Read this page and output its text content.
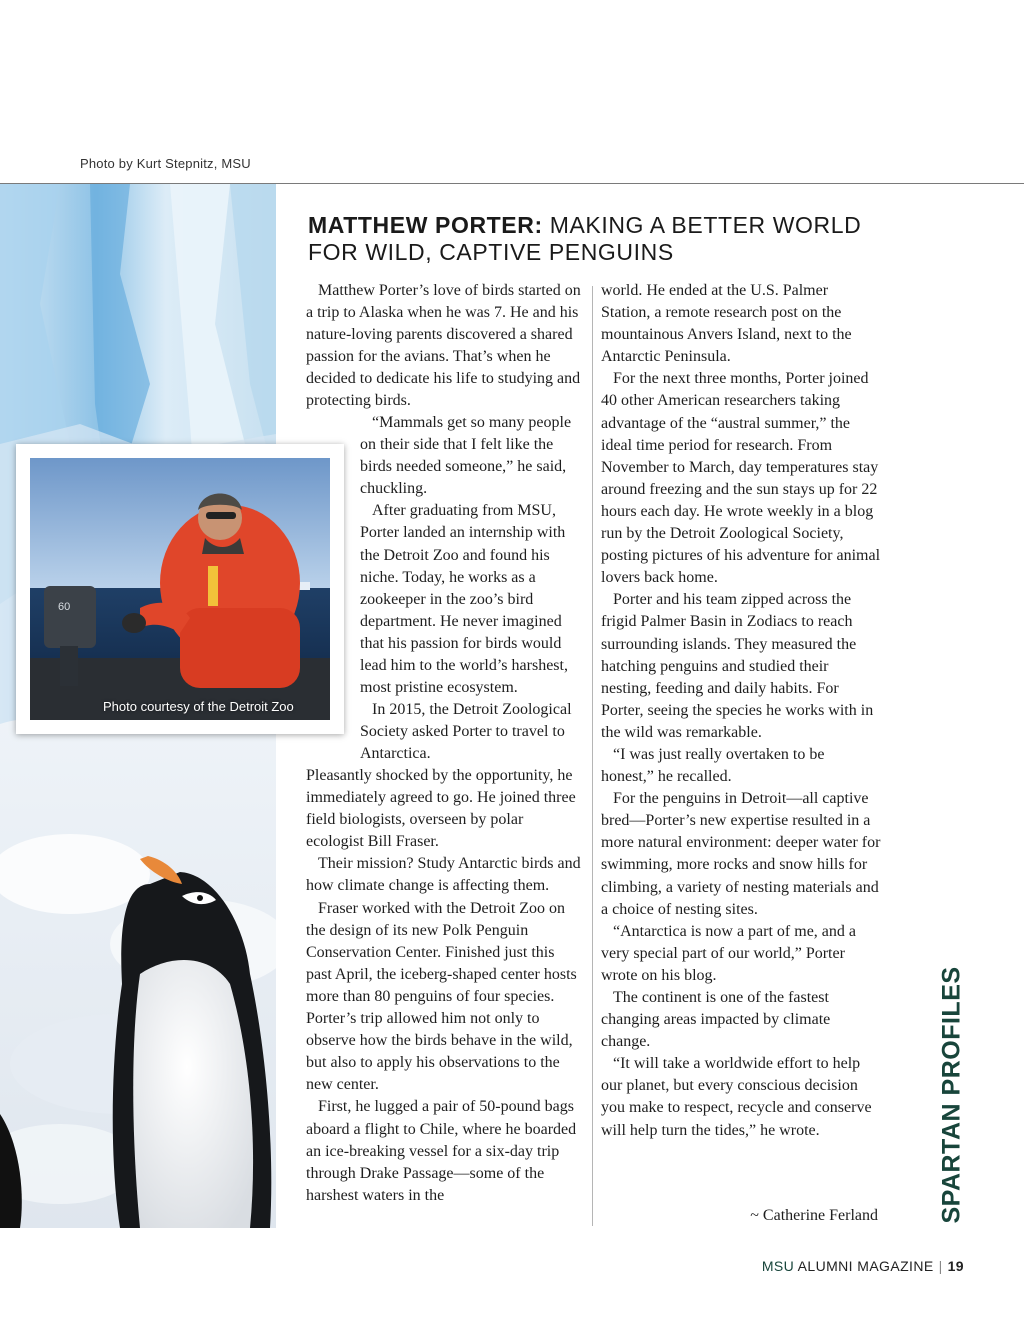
Photo by Kurt Stepnitz, MSU
60
Photo courtesy of the Detroit Zoo
MATTHEW PORTER: MAKING A BETTER WORLD FOR WILD, CAPTIVE PENGUINS

Matthew Porter’s love of birds started on a trip to Alaska when he was 7. He and his nature-loving parents discovered a shared passion for the avians. That’s when he decided to dedicate his life to studying and protecting birds.

“Mammals get so many people on their side that I felt like the birds needed someone,” he said, chuckling.

After graduating from MSU, Porter landed an internship with the Detroit Zoo and found his niche. Today, he works as a zookeeper in the zoo’s bird department. He never imagined that his passion for birds would lead him to the world’s harshest, most pristine ecosystem.

In 2015, the Detroit Zoological Society asked Porter to travel to Antarctica.

Pleasantly shocked by the opportunity, he immediately agreed to go. He joined three field biologists, overseen by polar ecologist Bill Fraser.

Their mission? Study Antarctic birds and how climate change is affecting them.

Fraser worked with the Detroit Zoo on the design of its new Polk Penguin Conservation Center. Finished just this past April, the iceberg-shaped center hosts more than 80 penguins of four species. Porter’s trip allowed him not only to observe how the birds behave in the wild, but also to apply his observations to the new center.

First, he lugged a pair of 50-pound bags aboard a flight to Chile, where he boarded an ice-breaking vessel for a six-day trip through Drake Passage—some of the harshest waters in the

world. He ended at the U.S. Palmer Station, a remote research post on the mountainous Anvers Island, next to the Antarctic Peninsula.

For the next three months, Porter joined 40 other American researchers taking advantage of the “austral summer,” the ideal time period for research. From November to March, day temperatures stay around freezing and the sun stays up for 22 hours each day. He wrote weekly in a blog run by the Detroit Zoological Society, posting pictures of his adventure for animal lovers back home.

Porter and his team zipped across the frigid Palmer Basin in Zodiacs to reach surrounding islands. They measured the hatching penguins and studied their nesting, feeding and daily habits. For Porter, seeing the species he works with in the wild was remarkable.

“I was just really overtaken to be honest,” he recalled.

For the penguins in Detroit—all captive bred—Porter’s new expertise resulted in a more natural environment: deeper water for swimming, more rocks and snow hills for climbing, a variety of nesting materials and a choice of nesting sites.

“Antarctica is now a part of me, and a very special part of our world,” Porter wrote on his blog.

The continent is one of the fastest changing areas impacted by climate change.

“It will take a worldwide effort to help our planet, but every conscious decision you make to respect, recycle and conserve will help turn the tides,” he wrote.

~ Catherine Ferland SPARTAN PROFILES
MSU ALUMNI MAGAZINE | 19
